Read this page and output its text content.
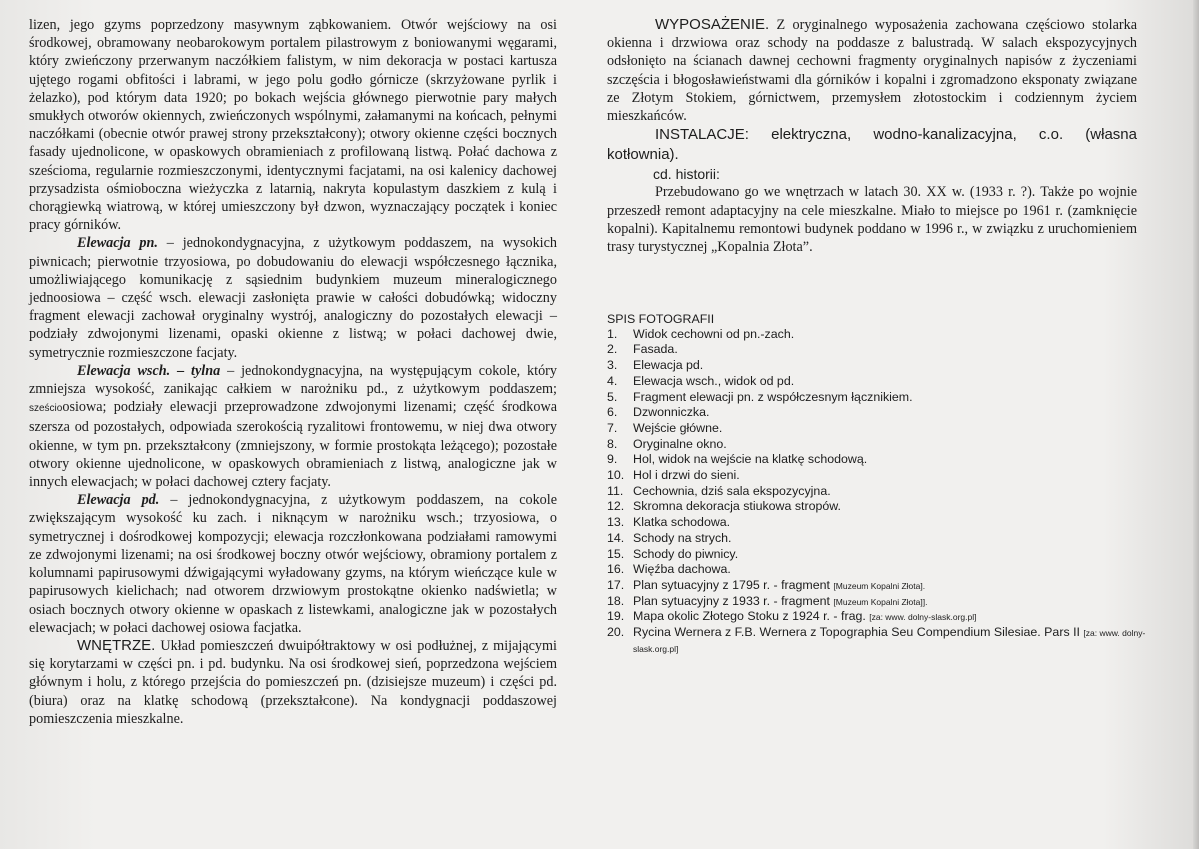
lizen, jego gzyms poprzedzony masywnym ząbkowaniem. Otwór wejściowy na osi środkowej, obramowany neobarokowym portalem pilastrowym z boniowanymi węgarami, który zwieńczony przerwanym naczółkiem falistym, w nim dekoracja w postaci kartusza ujętego rogami obfitości i labrami, w jego polu godło górnicze (skrzyżowane pyrlik i żelazko), pod którym data 1920; po bokach wejścia głównego pierwotnie pary małych smukłych otworów okiennych, zwieńczonych wspólnymi, załamanymi na końcach, pełnymi naczółkami (obecnie otwór prawej strony przekształcony); otwory okienne części bocznych fasady ujednolicone, w opaskowych obramieniach z profilowaną listwą. Połać dachowa z sześcioma, regularnie rozmieszczonymi, identycznymi facjatami, na osi kalenicy dachowej przysadzista ośmioboczna wieżyczka z latarnią, nakryta kopulastym daszkiem z kulą i chorągiewką wiatrową, w której umieszczony był dzwon, wyznaczający początek i koniec pracy górników.

Elewacja pn. – jednokondygnacyjna, z użytkowym poddaszem, na wysokich piwnicach; pierwotnie trzyosiowa, po dobudowaniu do elewacji współczesnego łącznika, umożliwiającego komunikację z sąsiednim budynkiem muzeum mineralogicznego jednoosiowa – część wsch. elewacji zasłonięta prawie w całości dobudówką; widoczny fragment elewacji zachował oryginalny wystrój, analogiczny do pozostałych elewacji – podziały zdwojonymi lizenami, opaski okienne z listwą; w połaci dachowej dwie, symetrycznie rozmieszczone facjaty.

Elewacja wsch. – tylna – jednokondygnacyjna, na występującym cokole, który zmniejsza wysokość, zanikając całkiem w narożniku pd., z użytkowym poddaszem; sześcioosiowa; podziały elewacji przeprowadzone zdwojonymi lizenami; część środkowa szersza od pozostałych, odpowiada szerokością ryzalitowi frontowemu, w niej dwa otwory okienne, w tym pn. przekształcony (zmniejszony, w formie prostokąta leżącego); pozostałe otwory okienne ujednolicone, w opaskowych obramieniach z listwą, analogiczne jak w innych elewacjach; w połaci dachowej cztery facjaty.

Elewacja pd. – jednokondygnacyjna, z użytkowym poddaszem, na cokole zwiększającym wysokość ku zach. i niknącym w narożniku wsch.; trzyosiowa, o symetrycznej i dośrodkowej kompozycji; elewacja rozczłonkowana podziałami ramowymi ze zdwojonymi lizenami; na osi środkowej boczny otwór wejściowy, obramiony portalem z kolumnami papirusowymi dźwigającymi wyładowany gzyms, na którym wieńczące kule w papirusowych kielichach; nad otworem drzwiowym prostokątne okienko nadświetla; w osiach bocznych otwory okienne w opaskach z listewkami, analogiczne jak w pozostałych elewacjach; w połaci dachowej osiowa facjatka.

WNĘTRZE. Układ pomieszczeń dwuipółtraktowy w osi podłużnej, z mijającymi się korytarzami w części pn. i pd. budynku. Na osi środkowej sień, poprzedzona wejściem głównym i holu, z którego przejścia do pomieszczeń pn. (dzisiejsze muzeum) i części pd. (biura) oraz na klatkę schodową (przekształcone). Na kondygnacji poddaszowej pomieszczenia mieszkalne.

WYPOSAŻENIE. Z oryginalnego wyposażenia zachowana częściowo stolarka okienna i drzwiowa oraz schody na poddasze z balustradą. W salach ekspozycyjnych odsłonięto na ścianach dawnej cechowni fragmenty oryginalnych napisów z życzeniami szczęścia i błogosławieństwami dla górników i kopalni i zgromadzono eksponaty związane ze Złotym Stokiem, górnictwem, przemysłem złotostockim i codziennym życiem mieszkańców.

INSTALACJE: elektryczna, wodno-kanalizacyjna, c.o. (własna kotłownia).

cd. historii:

Przebudowano go we wnętrzach w latach 30. XX w. (1933 r. ?). Także po wojnie przeszedł remont adaptacyjny na cele mieszkalne. Miało to miejsce po 1961 r. (zamknięcie kopalni). Kapitalnemu remontowi budynek poddano w 1996 r., w związku z uruchomieniem trasy turystycznej „Kopalnia Złota”.

SPIS FOTOGRAFII
1.	Widok cechowni od pn.-zach.
2.	Fasada.
3.	Elewacja pd.
4.	Elewacja wsch., widok od pd.
5.	Fragment elewacji pn. z współczesnym łącznikiem.
6.	Dzwonniczka.
7.	Wejście główne.
8.	Oryginalne okno.
9.	Hol, widok na wejście na klatkę schodową.
10. Hol i drzwi do sieni.
11. Cechownia, dziś sala ekspozycyjna.
12. Skromna dekoracja stiukowa stropów.
13. Klatka schodowa.
14. Schody na strych.
15. Schody do piwnicy.
16. Więźba dachowa.
17. Plan sytuacyjny z 1795 r. - fragment [Muzeum Kopalni Złota].
18. Plan sytuacyjny z 1933 r. - fragment [Muzeum Kopalni Złota]].
19. Mapa okolic Złotego Stoku z 1924 r. - frag. [za: www. dolny-slask.org.pl]
20. Rycina Wernera z F.B. Wernera z Topographia Seu Compendium Silesiae. Pars II [za: www. dolny-slask.org.pl]
